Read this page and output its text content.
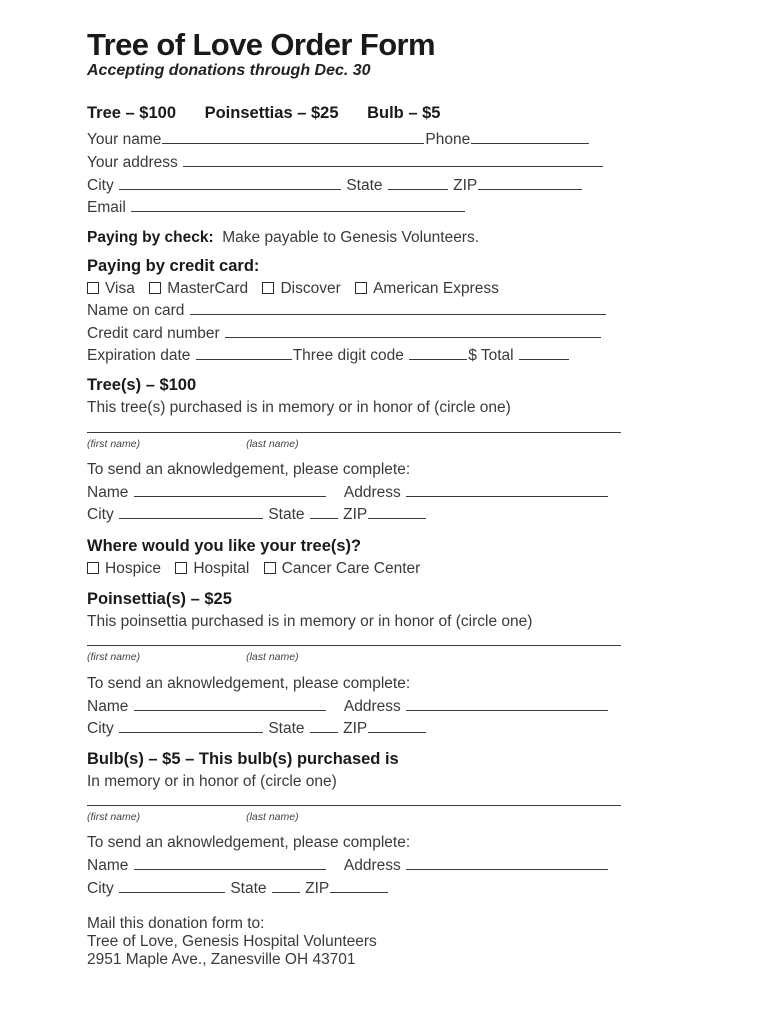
Tree of Love Order Form
Accepting donations through Dec. 30
Tree – $100 Poinsettias – $25 Bulb – $5
Your name	Phone
Your address
City	State	ZIP
Email
Paying by check: Make payable to Genesis Volunteers.
Paying by credit card:
Visa MasterCard Discover American Express
Name on card
Credit card number
Expiration date	Three digit code	$ Total
Tree(s) – $100
This tree(s) purchased is in memory or in honor of (circle one)
(first name)	(last name)
To send an aknowledgement, please complete:
Name	Address
City	State ZIP
Where would you like your tree(s)?
Hospice Hospital Cancer Care Center
Poinsettia(s) – $25
This poinsettia purchased is in memory or in honor of (circle one)
(first name)	(last name)
To send an aknowledgement, please complete:
Name	Address
City	State ZIP
Bulb(s) – $5 – This bulb(s) purchased is
In memory or in honor of (circle one)
(first name)	(last name)
To send an aknowledgement, please complete:
Name	Address
City	State ZIP
Mail this donation form to:
Tree of Love, Genesis Hospital Volunteers
2951 Maple Ave., Zanesville OH 43701
